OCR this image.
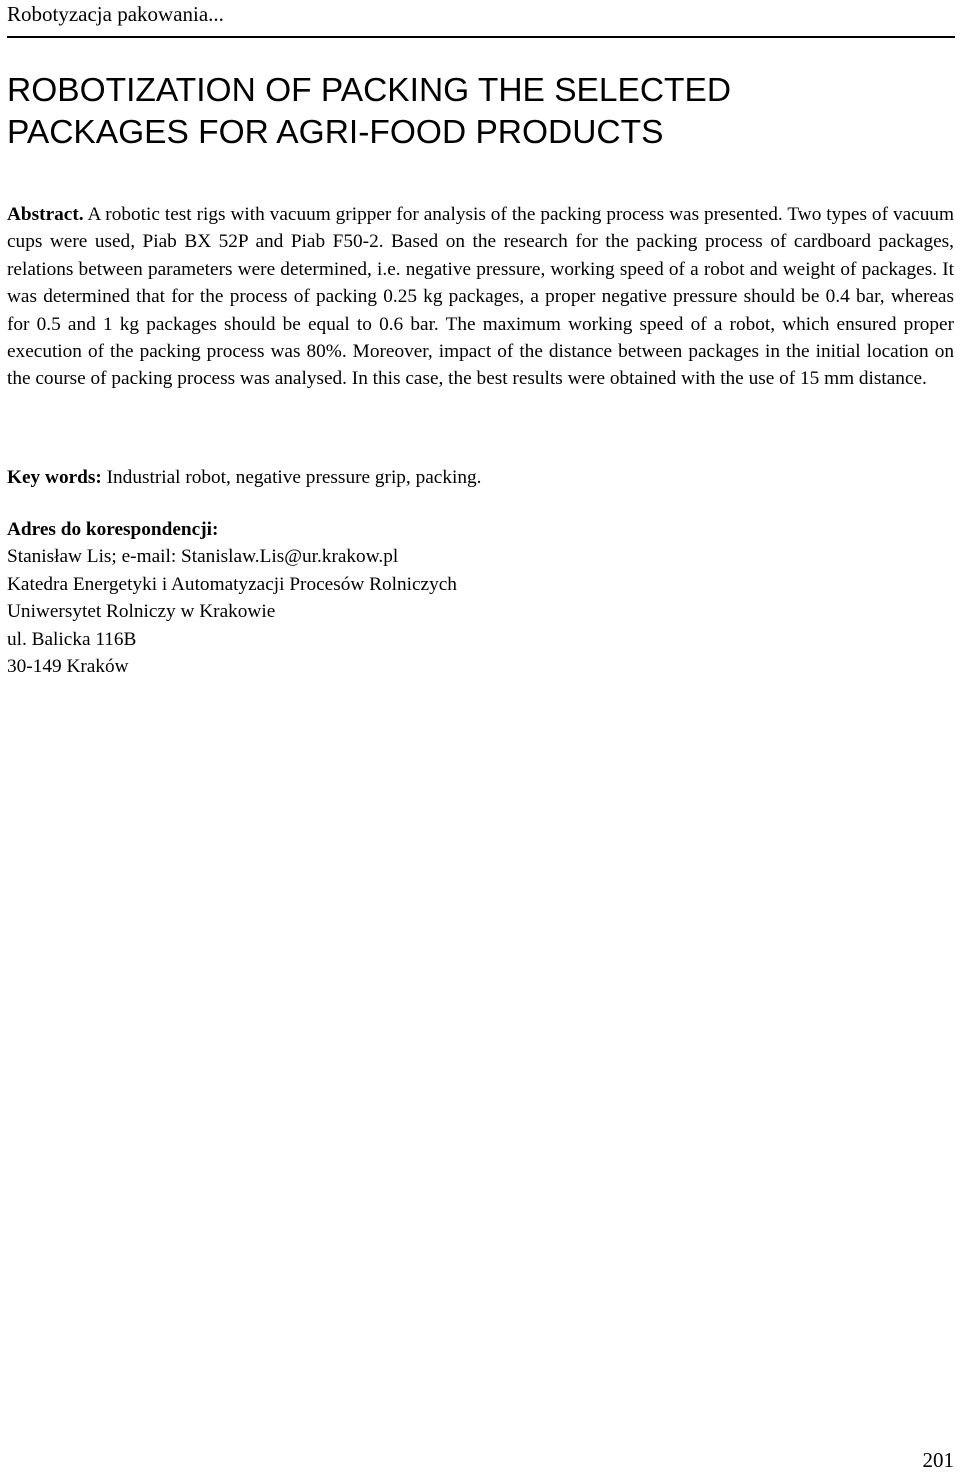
Robotyzacja pakowania...

ROBOTIZATION OF PACKING THE SELECTED
PACKAGES FOR AGRI-FOOD PRODUCTS

Abstract. A robotic test rigs with vacuum gripper for analysis of the packing process was presented. Two types of vacuum cups were used, Piab BX 52P and Piab F50-2. Based on the research for the packing process of cardboard packages, relations between parameters were determined, i.e. negative pressure, working speed of a robot and weight of packages. It was determined that for the process of packing 0.25 kg packages, a proper negative pressure should be 0.4 bar, whereas for 0.5 and 1 kg packages should be equal to 0.6 bar. The maximum working speed of a robot, which ensured proper execution of the packing process was 80%. Moreover, impact of the distance between packages in the initial location on the course of packing process was analysed. In this case, the best results were obtained with the use of 15 mm distance.

Key words: Industrial robot, negative pressure grip, packing.

Adres do korespondencji:
Stanisław Lis; e-mail: Stanislaw.Lis@ur.krakow.pl
Katedra Energetyki i Automatyzacji Procesów Rolniczych
Uniwersytet Rolniczy w Krakowie
ul. Balicka 116B
30-149 Kraków

201
